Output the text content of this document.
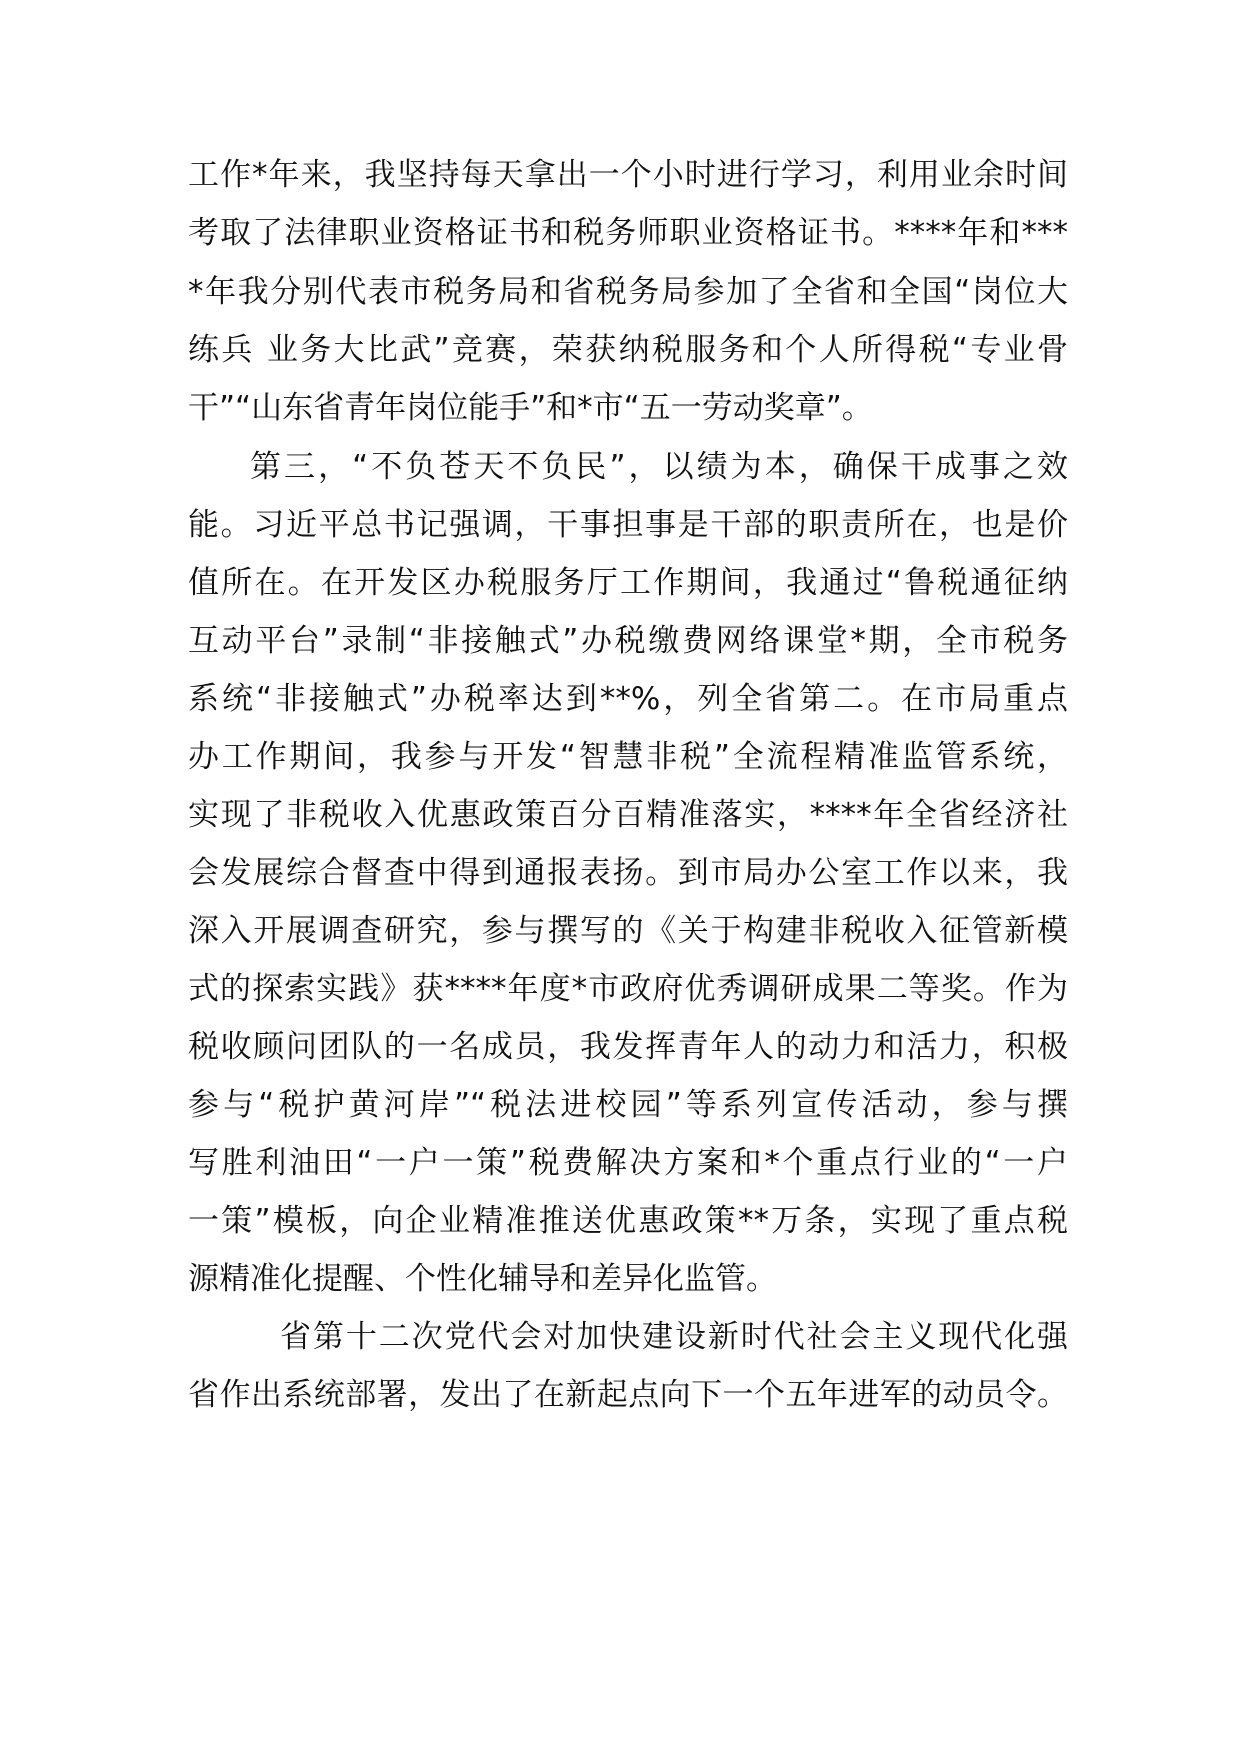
工作*年来，我坚持每天拿出一个小时进行学习，利用业余时间
考取了法律职业资格证书和税务师职业资格证书。****年和***
*年我分别代表市税务局和省税务局参加了全省和全国“岗位大
练兵 业务大比武”竞赛，荣获纳税服务和个人所得税“专业骨
干”“山东省青年岗位能手”和*市“五一劳动奖章”。
第三，“不负苍天不负民”，以绩为本，确保干成事之效
能。习近平总书记强调，干事担事是干部的职责所在，也是价
值所在。在开发区办税服务厅工作期间，我通过“鲁税通征纳
互动平台”录制“非接触式”办税缴费网络课堂*期，全市税务
系统“非接触式”办税率达到**%，列全省第二。在市局重点
办工作期间，我参与开发“智慧非税”全流程精准监管系统，
实现了非税收入优惠政策百分百精准落实，****年全省经济社
会发展综合督查中得到通报表扬。到市局办公室工作以来，我
深入开展调查研究，参与撰写的《关于构建非税收入征管新模
式的探索实践》获****年度*市政府优秀调研成果二等奖。作为
税收顾问团队的一名成员，我发挥青年人的动力和活力，积极
参与“税护黄河岸”“税法进校园”等系列宣传活动，参与撰
写胜利油田“一户一策”税费解决方案和*个重点行业的“一户
一策”模板，向企业精准推送优惠政策**万条，实现了重点税
源精准化提醒、个性化辅导和差异化监管。
省第十二次党代会对加快建设新时代社会主义现代化强
省作出系统部署，发出了在新起点向下一个五年进军的动员令。
